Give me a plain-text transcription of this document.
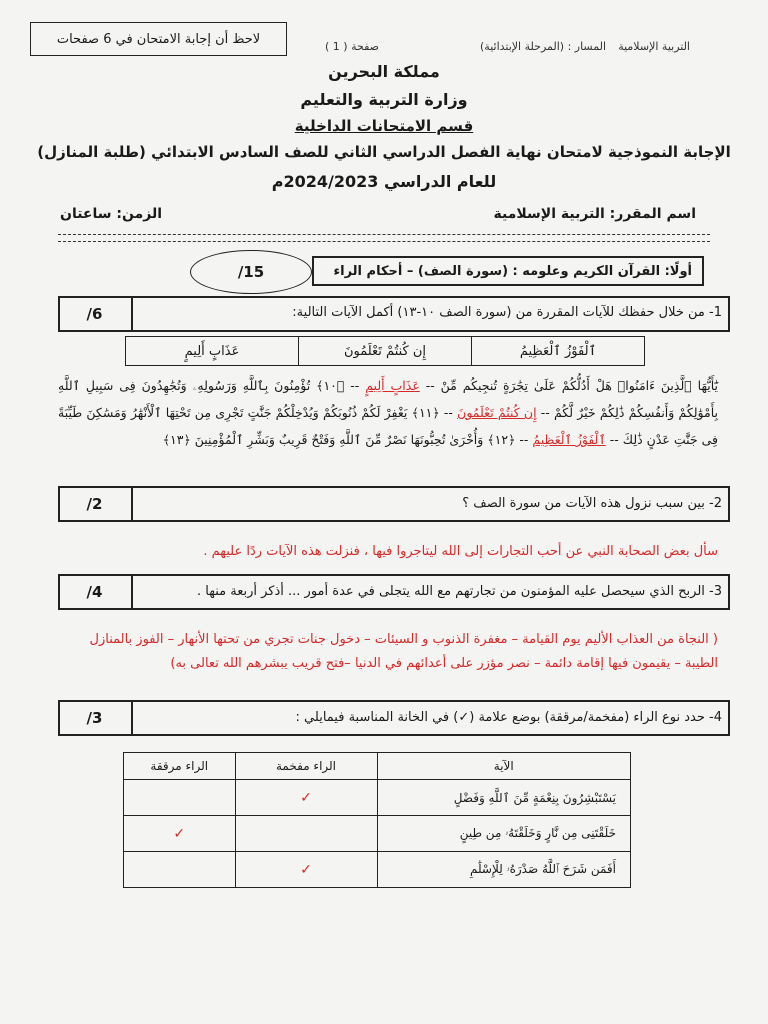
لاحظ أن إجابة الامتحان في 6 صفحات	صفحة ( 1 )	المسار : (المرحلة الإبتدائية) التربية الإسلامية
مملكة البحرين
وزارة التربية والتعليم
قسم الامتحانات الداخلية
الإجابة النموذجية لامتحان نهاية الفصل الدراسي الثاني للصف السادس الابتدائي (طلبة المنازل)
للعام الدراسي 2024/2023م
اسم المقرر: التربية الإسلامية
الزمن: ساعتان
/15	أولًا: القرآن الكريم وعلومه : (سورة الصف) – أحكام الراء
/6	1- من خلال حفظك للآيات المقررة من (سورة الصف ١٠-١٣) أكمل الآيات التالية:
ٱلْفَوْزُ ٱلْعَظِيمُ
إِن كُنتُمْ تَعْلَمُونَ
عَذَابٍ أَلِيمٍ
يَٰٓأَيُّهَا ٱلَّذِينَ ءَامَنُوا۟ هَلْ أَدُلُّكُمْ عَلَىٰ تِجَٰرَةٍ تُنجِيكُم مِّنْ -- عَذَابٍ أَلِيمٍ -- ﴿١٠﴾ تُؤْمِنُونَ بِٱللَّهِ وَرَسُولِهِۦ وَتُجَٰهِدُونَ فِى سَبِيلِ ٱللَّهِ بِأَمْوَٰلِكُمْ وَأَنفُسِكُمْ ذَٰلِكُمْ خَيْرٌ لَّكُمْ -- إِن كُنتُمْ تَعْلَمُونَ -- ﴿١١﴾ يَغْفِرْ لَكُمْ ذُنُوبَكُمْ وَيُدْخِلْكُمْ جَنَّٰتٍ تَجْرِى مِن تَحْتِهَا ٱلْأَنْهَٰرُ وَمَسَٰكِنَ طَيِّبَةً فِى جَنَّٰتِ عَدْنٍ ذَٰلِكَ -- ٱلْفَوْزُ ٱلْعَظِيمُ -- ﴿١٢﴾ وَأُخْرَىٰ تُحِبُّونَهَا نَصْرٌ مِّنَ ٱللَّهِ وَفَتْحٌ قَرِيبٌ وَبَشِّرِ ٱلْمُؤْمِنِينَ ﴿١٣﴾
/2	2- بين سبب نزول هذه الآيات من سورة الصف ؟
سأل بعض الصحابة النبي عن أحب التجارات إلى الله ليتاجروا فيها ، فنزلت هذه الآيات ردًا عليهم .
/4	3- الربح الذي سيحصل عليه المؤمنون من تجارتهم مع الله يتجلى في عدة أمور ... أذكر أربعة منها .
( النجاة من العذاب الأليم يوم القيامة – مغفرة الذنوب و السيئات – دخول جنات تجري من تحتها الأنهار – الفوز بالمنازل الطيبة – يقيمون فيها إقامة دائمة – نصر مؤزر على أعدائهم في الدنيا –فتح قريب يبشرهم الله تعالى به)
/3	4- حدد نوع الراء (مفخمة/مرققة) بوضع علامة (✓) في الخانة المناسبة فيمايلي :
الآية	الراء مفخمة	الراء مرققة
يَسْتَبْشِرُونَ بِنِعْمَةٍ مِّنَ ٱللَّهِ وَفَضْلٍ	✓	
خَلَقْتَنِى مِن نَّارٍ وَخَلَقْتَهُۥ مِن طِينٍ		✓
أَفَمَن شَرَحَ ٱللَّهُ صَدْرَهُۥ لِلْإِسْلَٰمِ	✓	
